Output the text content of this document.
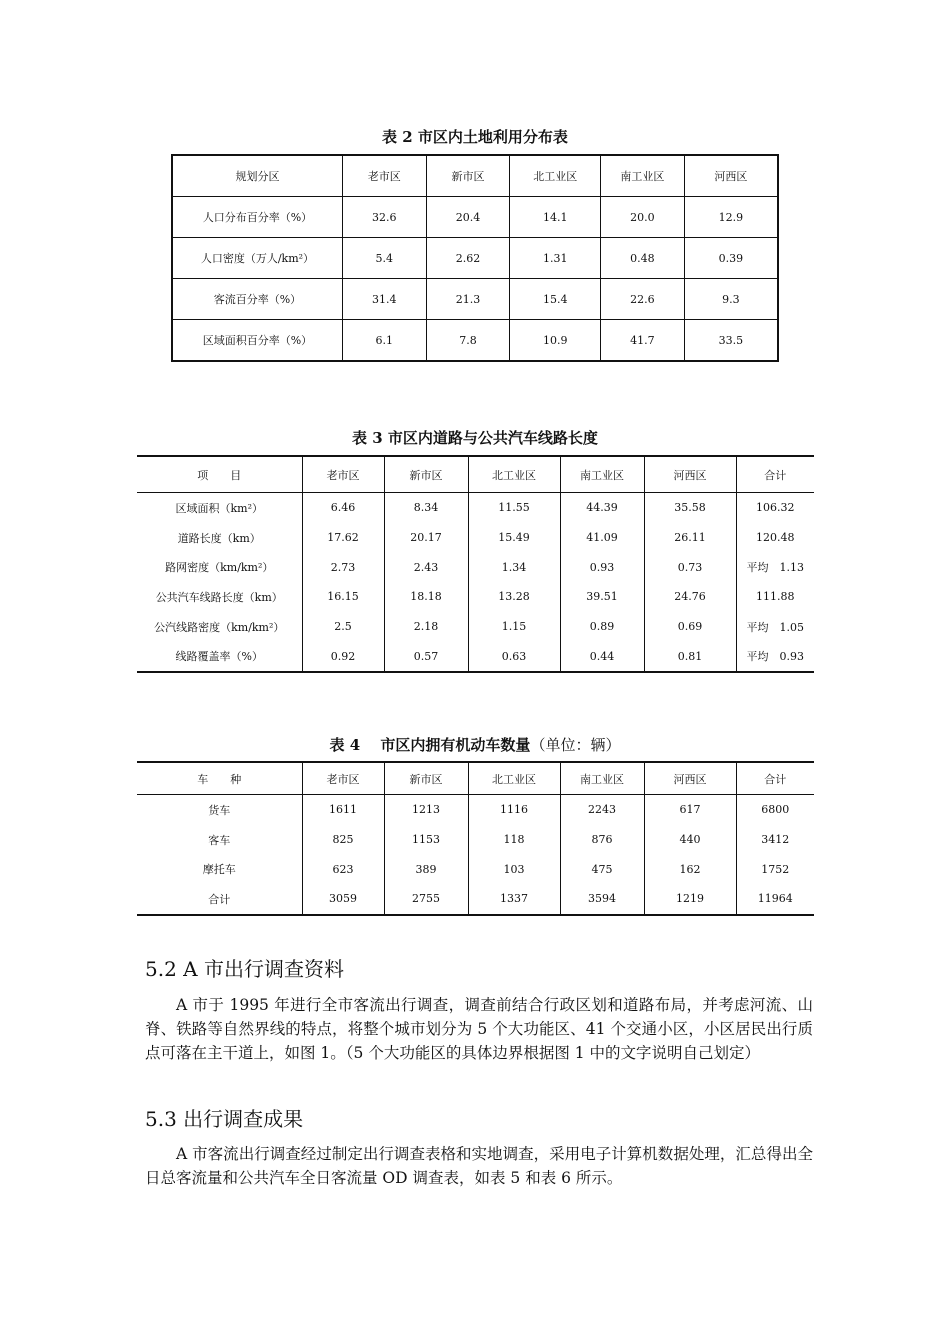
表 2 市区内土地利用分布表
规划分区	老市区	新市区	北工业区	南工业区	河西区
人口分布百分率（%）	32.6	20.4	14.1	20.0	12.9
人口密度（万人/km²）	5.4	2.62	1.31	0.48	0.39
客流百分率（%）	31.4	21.3	15.4	22.6	9.3
区域面积百分率（%）	6.1	7.8	10.9	41.7	33.5
表 3 市区内道路与公共汽车线路长度
项　　目	老市区	新市区	北工业区	南工业区	河西区	合计
区域面积（km²）	6.46	8.34	11.55	44.39	35.58	106.32
道路长度（km）	17.62	20.17	15.49	41.09	26.11	120.48
路网密度（km/km²）	2.73	2.43	1.34	0.93	0.73	平均　1.13
公共汽车线路长度（km）	16.15	18.18	13.28	39.51	24.76	111.88
公汽线路密度（km/km²）	2.5	2.18	1.15	0.89	0.69	平均　1.05
线路覆盖率（%）	0.92	0.57	0.63	0.44	0.81	平均　0.93
表 4　 市区内拥有机动车数量（单位：辆）
车　　种	老市区	新市区	北工业区	南工业区	河西区	合计
货车	1611	1213	1116	2243	617	6800
客车	825	1153	118	876	440	3412
摩托车	623	389	103	475	162	1752
合计	3059	2755	1337	3594	1219	11964
5.2 A 市出行调查资料
A 市于 1995 年进行全市客流出行调查，调查前结合行政区划和道路布局，并考虑河流、山脊、铁路等自然界线的特点，将整个城市划分为 5 个大功能区、41 个交通小区，小区居民出行质点可落在主干道上，如图 1。（5 个大功能区的具体边界根据图 1 中的文字说明自己划定）
5.3 出行调查成果
A 市客流出行调查经过制定出行调查表格和实地调查，采用电子计算机数据处理，汇总得出全日总客流量和公共汽车全日客流量 OD 调查表，如表 5 和表 6 所示。
